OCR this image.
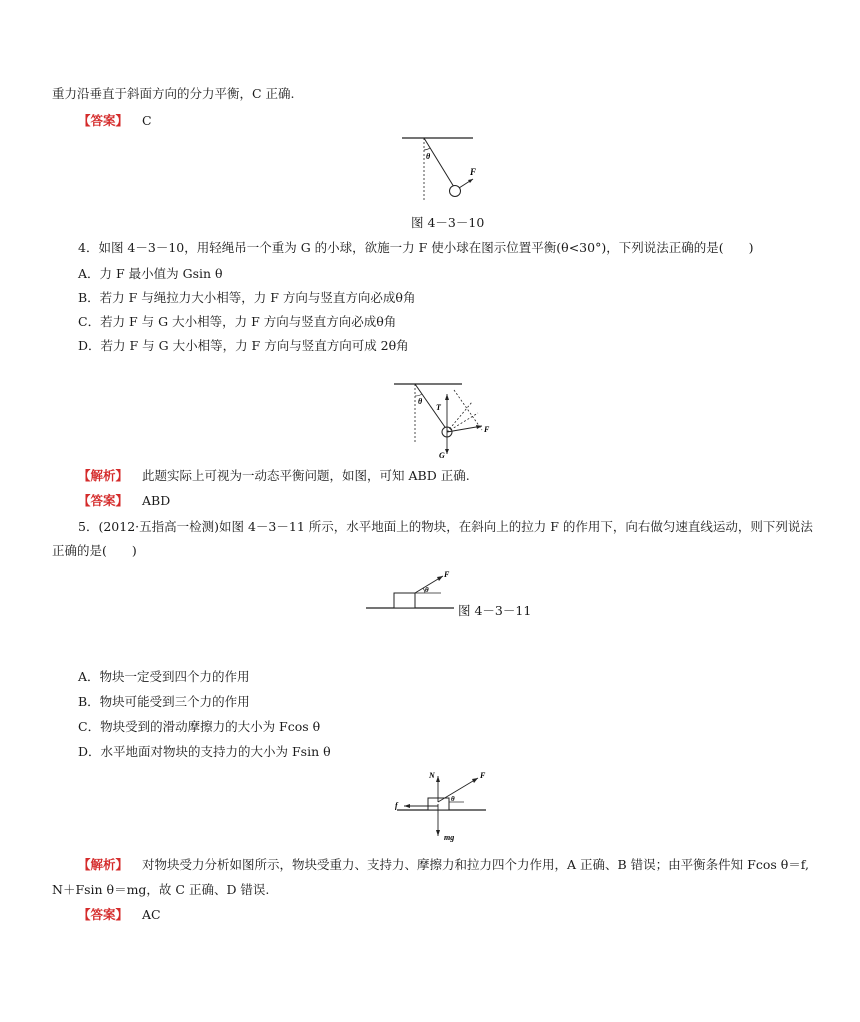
重力沿垂直于斜面方向的分力平衡，C 正确.
【答案】 C
θ
F
图 4－3－10
4．如图 4－3－10，用轻绳吊一个重为 G 的小球，欲施一力 F 使小球在图示位置平衡(θ<30°)，下列说法正确的是(　　)
A．力 F 最小值为 Gsin θ
B．若力 F 与绳拉力大小相等，力 F 方向与竖直方向必成θ角
C．若力 F 与 G 大小相等，力 F 方向与竖直方向必成θ角
D．若力 F 与 G 大小相等，力 F 方向与竖直方向可成 2θ角
θ
T
G
F
【解析】 此题实际上可视为一动态平衡问题，如图，可知 ABD 正确.
【答案】 ABD
5．(2012·五指高一检测)如图 4－3－11 所示，水平地面上的物块，在斜向上的拉力 F 的作用下，向右做匀速直线运动，则下列说法
正确的是(　　)
θ
F
图 4－3－11
A．物块一定受到四个力的作用
B．物块可能受到三个力的作用
C．物块受到的滑动摩擦力的大小为 Fcos θ
D．水平地面对物块的支持力的大小为 Fsin θ
N	F
θ
f
mg
【解析】 对物块受力分析如图所示，物块受重力、支持力、摩擦力和拉力四个力作用，A 正确、B 错误；由平衡条件知 Fcos θ＝f,
N＋Fsin θ＝mg，故 C 正确、D 错误.
【答案】 AC
